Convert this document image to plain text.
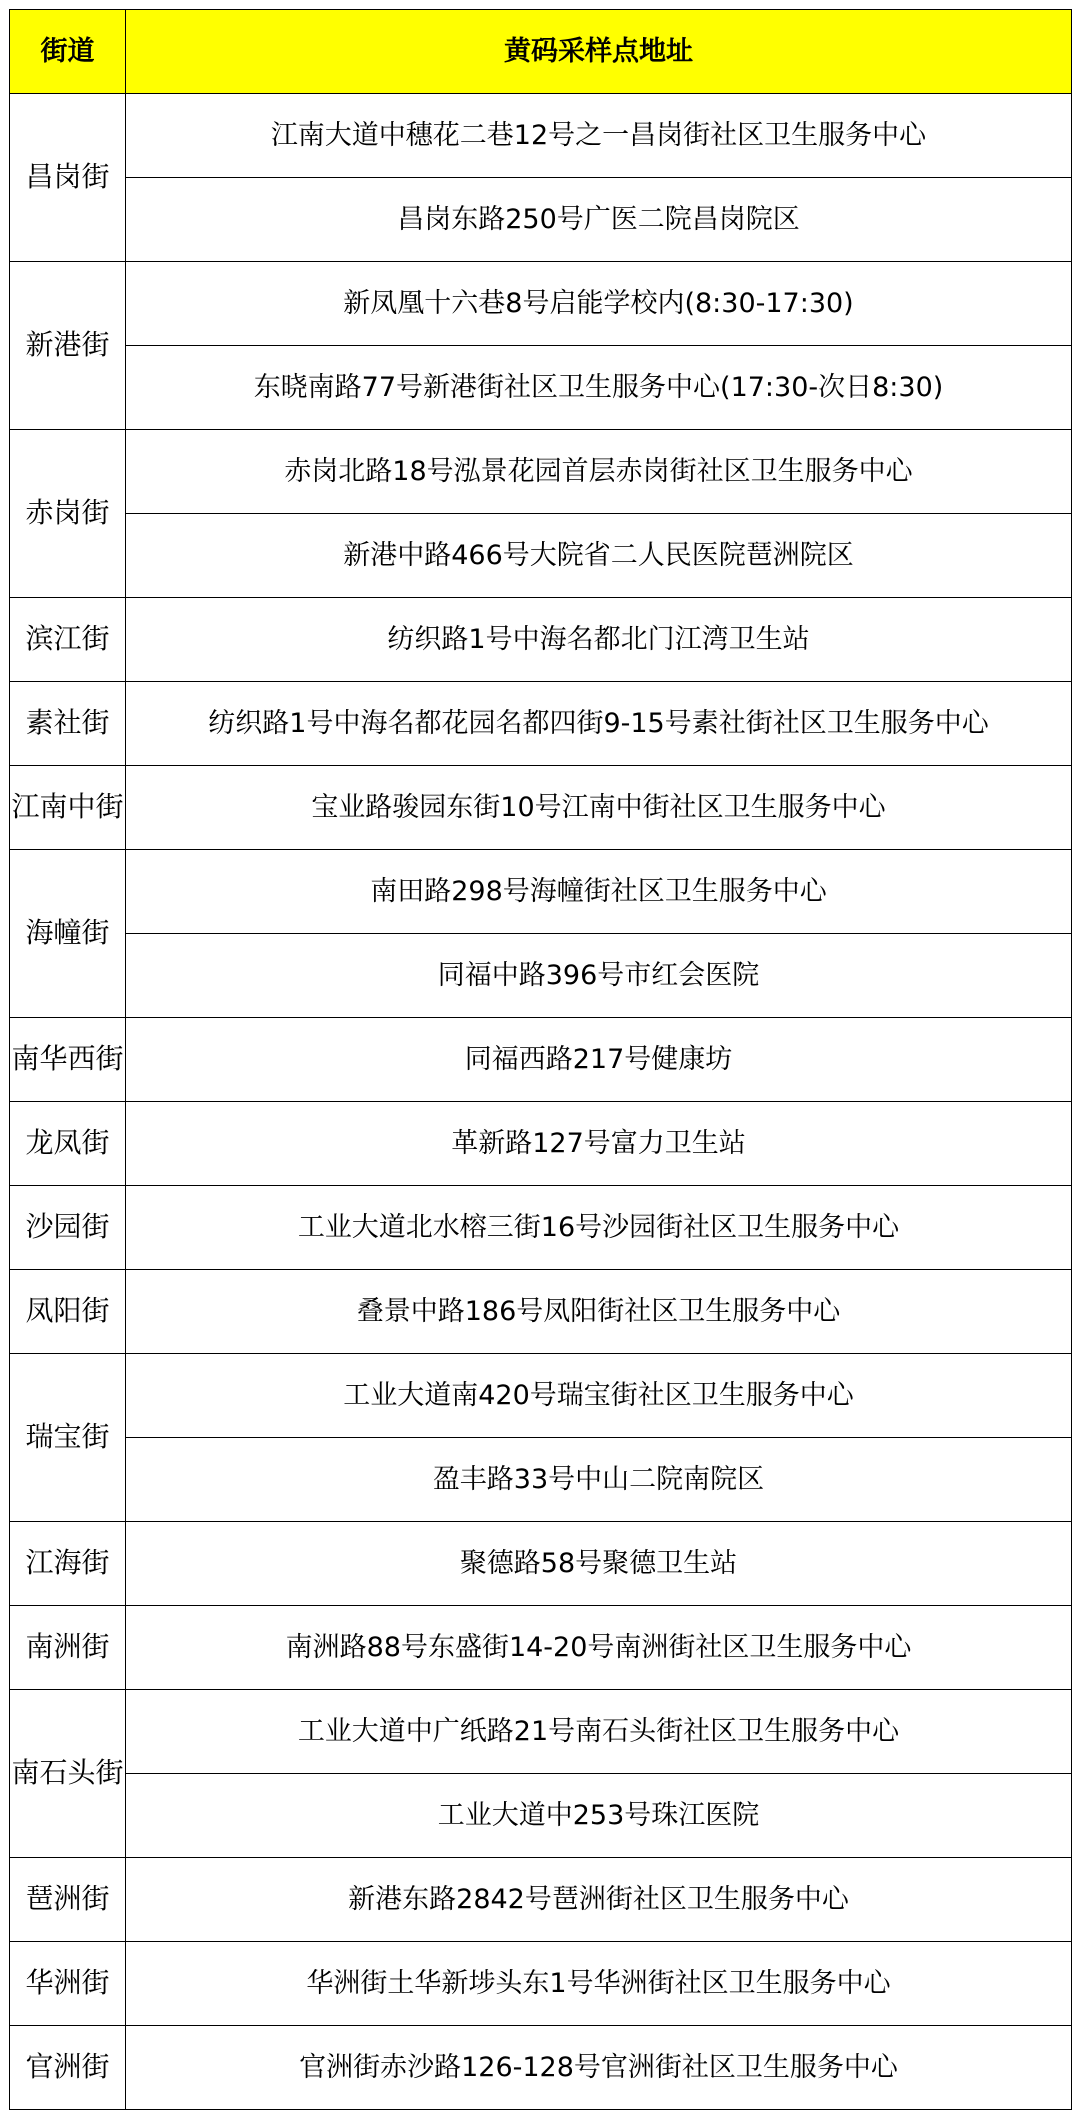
街道	黄码采样点地址
昌岗街	江南大道中穗花二巷12号之一昌岗街社区卫生服务中心
	昌岗东路250号广医二院昌岗院区
新港街	新凤凰十六巷8号启能学校内(8:30-17:30)
	东晓南路77号新港街社区卫生服务中心(17:30-次日8:30)
赤岗街	赤岗北路18号泓景花园首层赤岗街社区卫生服务中心
	新港中路466号大院省二人民医院琶洲院区
滨江街	纺织路1号中海名都北门江湾卫生站
素社街	纺织路1号中海名都花园名都四街9-15号素社街社区卫生服务中心
江南中街	宝业路骏园东街10号江南中街社区卫生服务中心
海幢街	南田路298号海幢街社区卫生服务中心
	同福中路396号市红会医院
南华西街	同福西路217号健康坊
龙凤街	革新路127号富力卫生站
沙园街	工业大道北水榕三街16号沙园街社区卫生服务中心
凤阳街	叠景中路186号凤阳街社区卫生服务中心
瑞宝街	工业大道南420号瑞宝街社区卫生服务中心
	盈丰路33号中山二院南院区
江海街	聚德路58号聚德卫生站
南洲街	南洲路88号东盛街14-20号南洲街社区卫生服务中心
南石头街	工业大道中广纸路21号南石头街社区卫生服务中心
	工业大道中253号珠江医院
琶洲街	新港东路2842号琶洲街社区卫生服务中心
华洲街	华洲街土华新埗头东1号华洲街社区卫生服务中心
官洲街	官洲街赤沙路126-128号官洲街社区卫生服务中心
